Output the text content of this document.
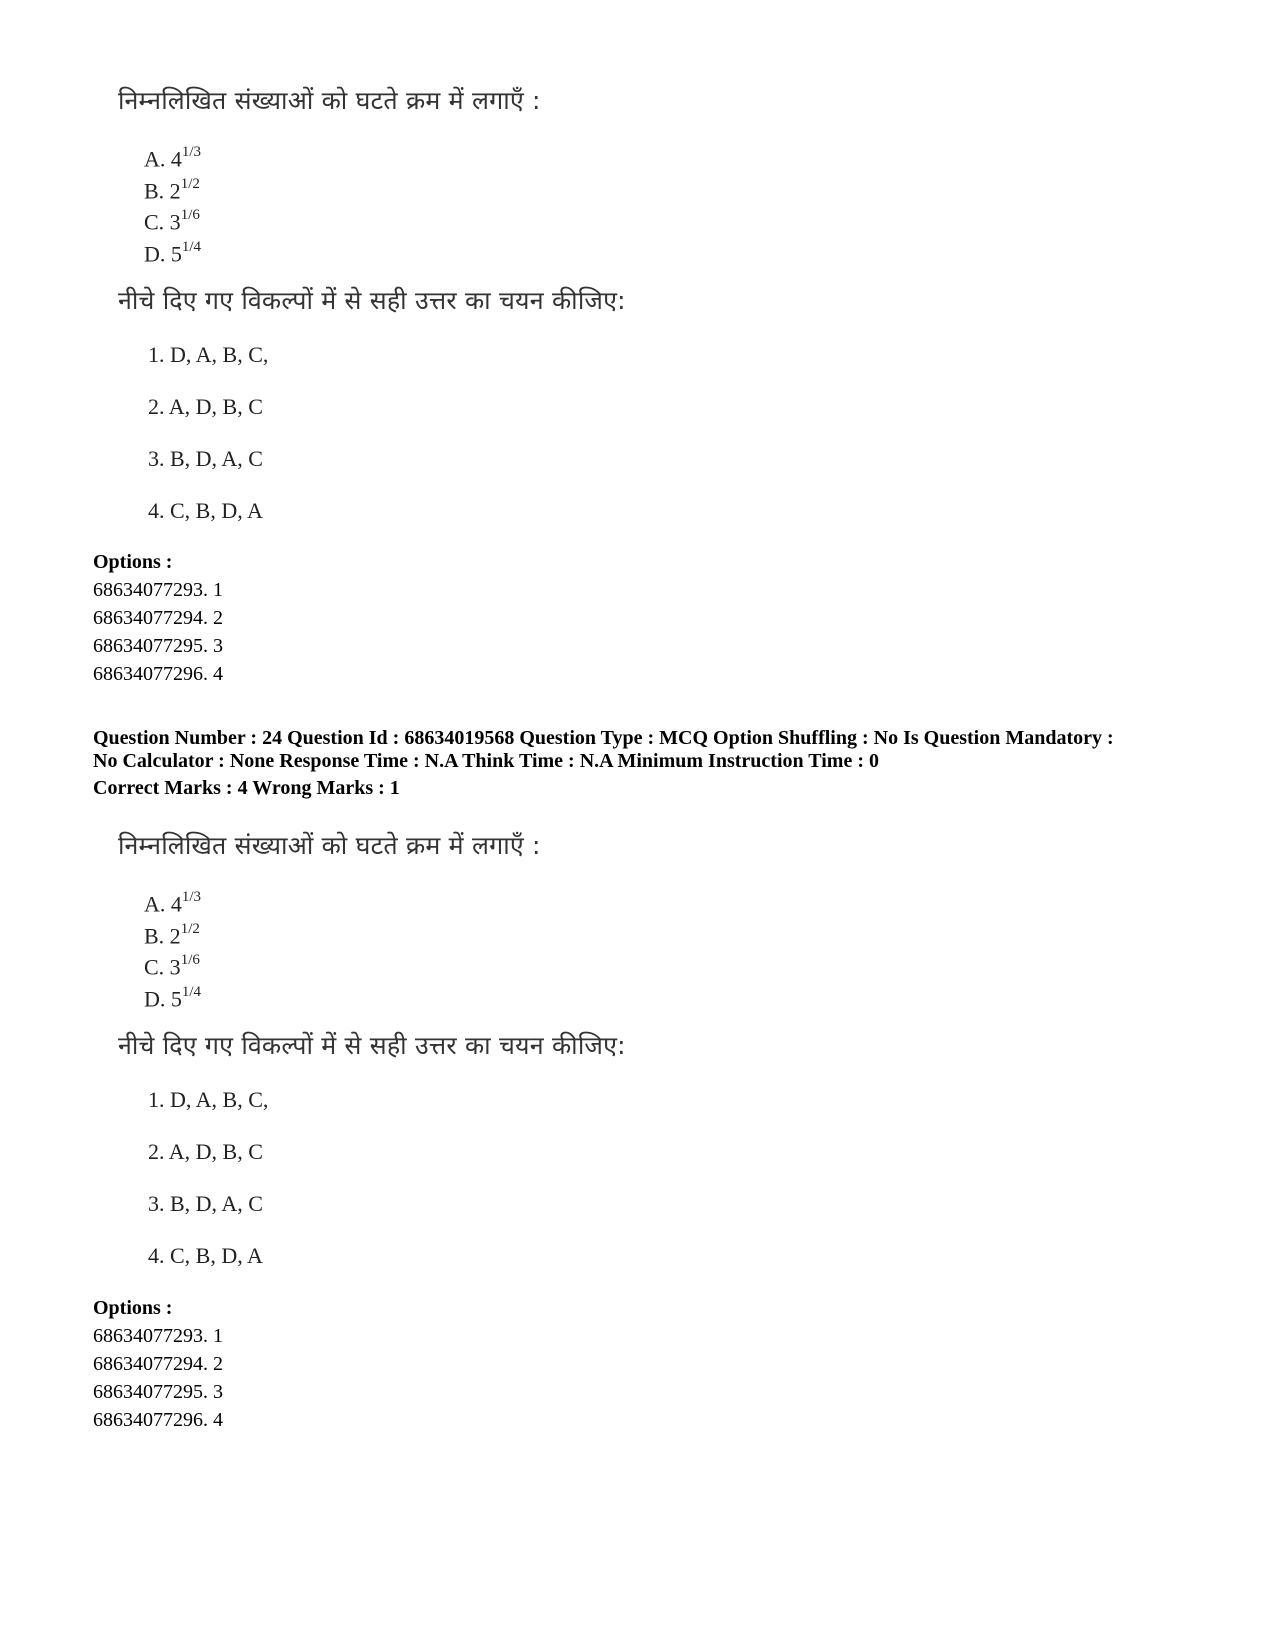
निम्नलिखित संख्याओं को घटते क्रम में लगाएँ :
A. $4^{1/3}$
B. $2^{1/2}$
C. $3^{1/6}$
D. $5^{1/4}$
नीचे दिए गए विकल्पों में से सही उत्तर का चयन कीजिए:
1. D, A, B, C,
2. A, D, B, C
3. B, D, A, C
4. C, B, D, A
Options :
68634077293. 1
68634077294. 2
68634077295. 3
68634077296. 4
Question Number : 24 Question Id : 68634019568 Question Type : MCQ Option Shuffling : No Is Question Mandatory :
No Calculator : None Response Time : N.A Think Time : N.A Minimum Instruction Time : 0
Correct Marks : 4 Wrong Marks : 1
निम्नलिखित संख्याओं को घटते क्रम में लगाएँ :
A. $4^{1/3}$
B. $2^{1/2}$
C. $3^{1/6}$
D. $5^{1/4}$
नीचे दिए गए विकल्पों में से सही उत्तर का चयन कीजिए:
1. D, A, B, C,
2. A, D, B, C
3. B, D, A, C
4. C, B, D, A
Options :
68634077293. 1
68634077294. 2
68634077295. 3
68634077296. 4
